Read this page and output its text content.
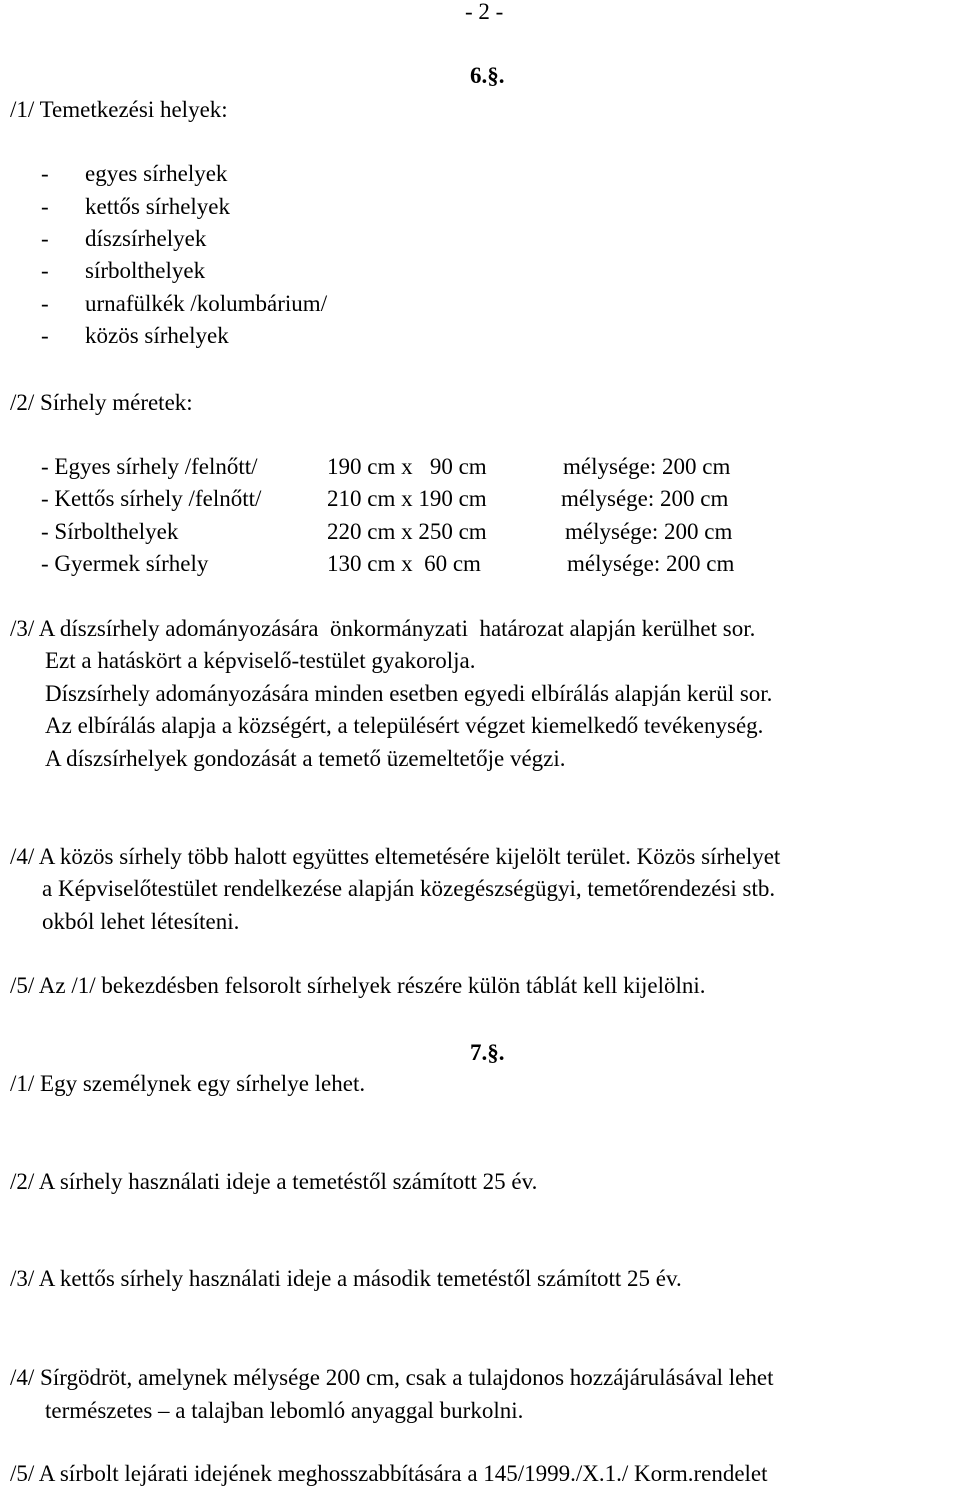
- 2 -
6.§.
/1/ Temetkezési helyek:
- egyes sírhelyek
- kettős sírhelyek
- díszsírhelyek
- sírbolthelyek
- urnafülkék /kolumbárium/
- közös sírhelyek
/2/ Sírhely méretek:
- Egyes sírhely /felnőtt/	190 cm x   90 cm	mélysége: 200 cm
- Kettős sírhely /felnőtt/	210 cm x 190 cm	mélysége: 200 cm
- Sírbolthelyek	220 cm x 250 cm	mélysége: 200 cm
- Gyermek sírhely	130 cm x  60 cm	mélysége: 200 cm
/3/ A díszsírhely adományozására  önkormányzati  határozat alapján kerülhet sor.
Ezt a hatáskört a képviselő-testület gyakorolja.
Díszsírhely adományozására minden esetben egyedi elbírálás alapján kerül sor.
Az elbírálás alapja a községért, a településért végzet kiemelkedő tevékenység.
A díszsírhelyek gondozását a temető üzemeltetője végzi.
/4/ A közös sírhely több halott együttes eltemetésére kijelölt terület. Közös sírhelyet
a Képviselőtestület rendelkezése alapján közegészségügyi, temetőrendezési stb.
okból lehet létesíteni.
/5/ Az /1/ bekezdésben felsorolt sírhelyek részére külön táblát kell kijelölni.
7.§.
/1/ Egy személynek egy sírhelye lehet.
/2/ A sírhely használati ideje a temetéstől számított 25 év.
/3/ A kettős sírhely használati ideje a második temetéstől számított 25 év.
/4/ Sírgödröt, amelynek mélysége 200 cm, csak a tulajdonos hozzájárulásával lehet
természetes – a talajban lebomló anyaggal burkolni.
/5/ A sírbolt lejárati idejének meghosszabbítására a 145/1999./X.1./ Korm.rendelet
